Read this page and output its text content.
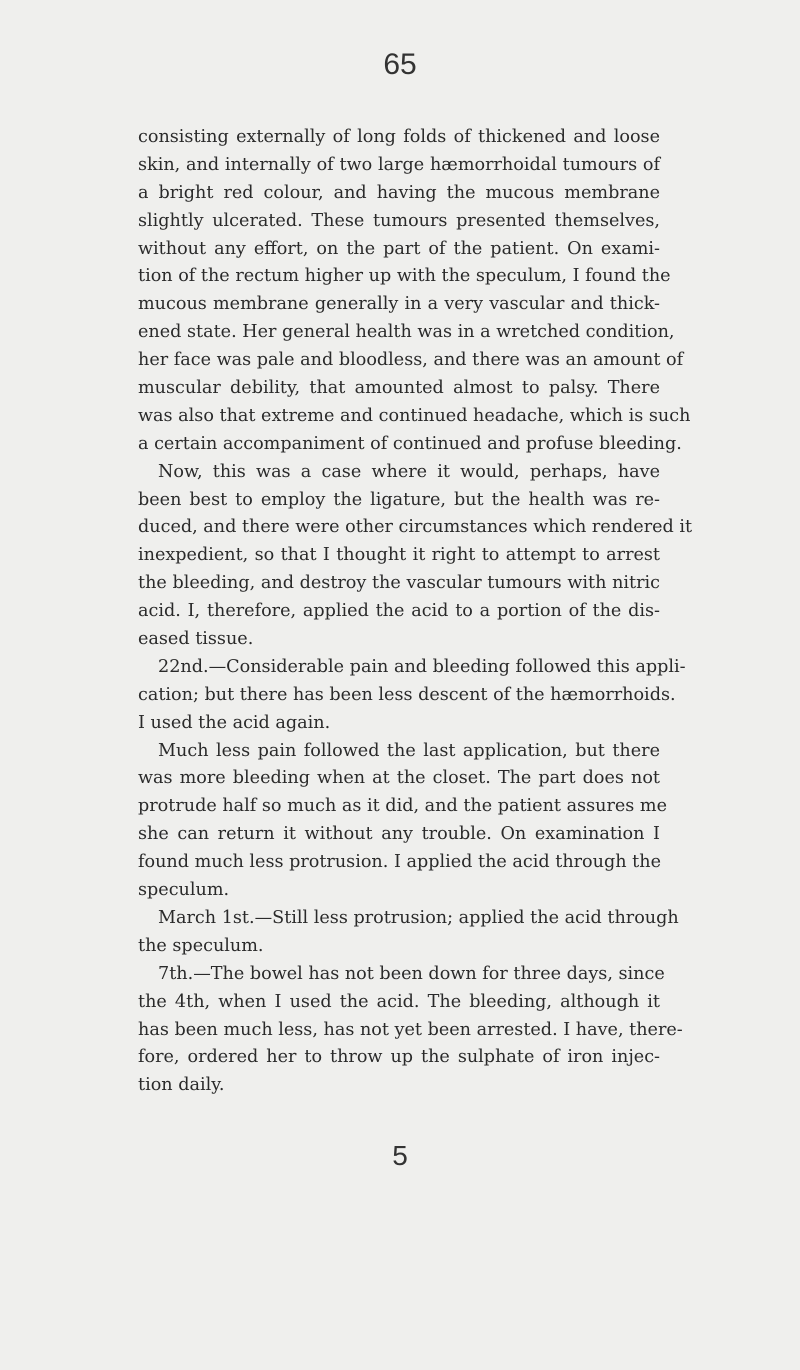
65
consisting externally of long folds of thickened and loose
skin, and internally of two large hæmorrhoidal tumours of
a bright red colour, and having the mucous membrane
slightly ulcerated. These tumours presented themselves,
without any effort, on the part of the patient. On exami-
tion of the rectum higher up with the speculum, I found the
mucous membrane generally in a very vascular and thick-
ened state. Her general health was in a wretched condition,
her face was pale and bloodless, and there was an amount of
muscular debility, that amounted almost to palsy. There
was also that extreme and continued headache, which is such
a certain accompaniment of continued and profuse bleeding.
Now, this was a case where it would, perhaps, have
been best to employ the ligature, but the health was re-
duced, and there were other circumstances which rendered it
inexpedient, so that I thought it right to attempt to arrest
the bleeding, and destroy the vascular tumours with nitric
acid. I, therefore, applied the acid to a portion of the dis-
eased tissue.
22nd.—Considerable pain and bleeding followed this appli-
cation; but there has been less descent of the hæmorrhoids.
I used the acid again.
Much less pain followed the last application, but there
was more bleeding when at the closet. The part does not
protrude half so much as it did, and the patient assures me
she can return it without any trouble. On examination I
found much less protrusion. I applied the acid through the
speculum.
March 1st.—Still less protrusion; applied the acid through
the speculum.
7th.—The bowel has not been down for three days, since
the 4th, when I used the acid. The bleeding, although it
has been much less, has not yet been arrested. I have, there-
fore, ordered her to throw up the sulphate of iron injec-
tion daily.
5
